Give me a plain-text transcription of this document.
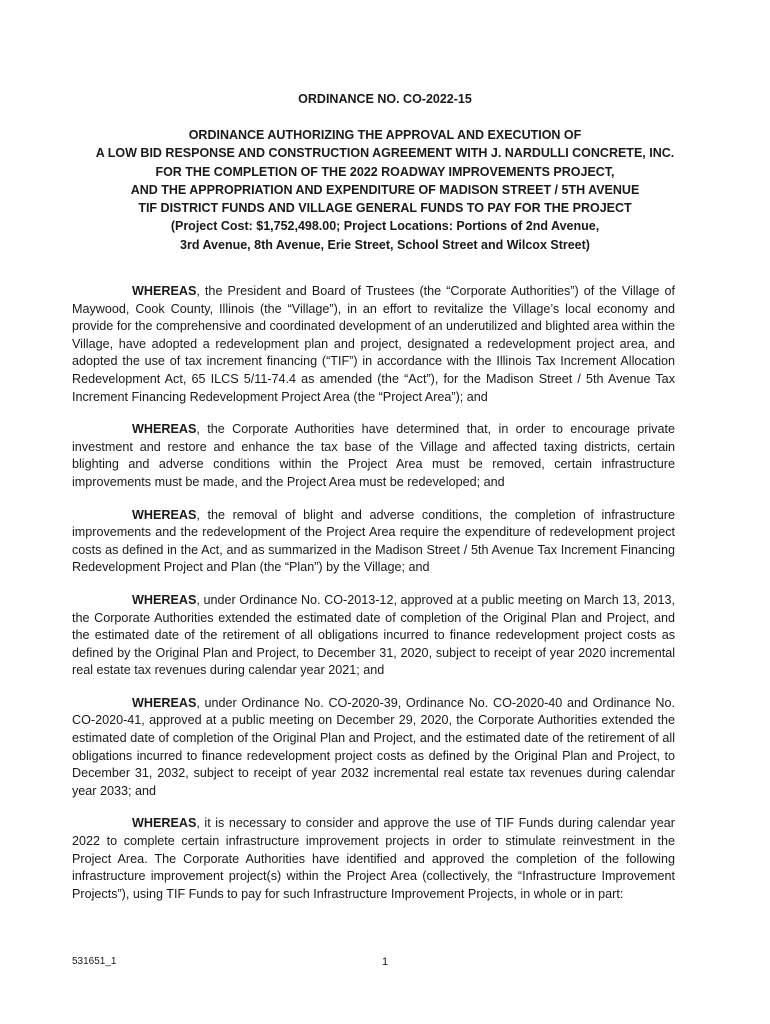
ORDINANCE NO. CO-2022-15
ORDINANCE AUTHORIZING THE APPROVAL AND EXECUTION OF
A LOW BID RESPONSE AND CONSTRUCTION AGREEMENT WITH J. NARDULLI CONCRETE, INC.
FOR THE COMPLETION OF THE 2022 ROADWAY IMPROVEMENTS PROJECT,
AND THE APPROPRIATION AND EXPENDITURE OF MADISON STREET / 5TH AVENUE
TIF DISTRICT FUNDS AND VILLAGE GENERAL FUNDS TO PAY FOR THE PROJECT
(Project Cost: $1,752,498.00; Project Locations: Portions of 2nd Avenue,
3rd Avenue, 8th Avenue, Erie Street, School Street and Wilcox Street)

WHEREAS, the President and Board of Trustees (the “Corporate Authorities”) of the Village of Maywood, Cook County, Illinois (the “Village”), in an effort to revitalize the Village’s local economy and provide for the comprehensive and coordinated development of an underutilized and blighted area within the Village, have adopted a redevelopment plan and project, designated a redevelopment project area, and adopted the use of tax increment financing (“TIF”) in accordance with the Illinois Tax Increment Allocation Redevelopment Act, 65 ILCS 5/11-74.4 as amended (the “Act”), for the Madison Street / 5th Avenue Tax Increment Financing Redevelopment Project Area (the “Project Area”); and

WHEREAS, the Corporate Authorities have determined that, in order to encourage private investment and restore and enhance the tax base of the Village and affected taxing districts, certain blighting and adverse conditions within the Project Area must be removed, certain infrastructure improvements must be made, and the Project Area must be redeveloped; and

WHEREAS, the removal of blight and adverse conditions, the completion of infrastructure improvements and the redevelopment of the Project Area require the expenditure of redevelopment project costs as defined in the Act, and as summarized in the Madison Street / 5th Avenue Tax Increment Financing Redevelopment Project and Plan (the “Plan”) by the Village; and

WHEREAS, under Ordinance No. CO-2013-12, approved at a public meeting on March 13, 2013, the Corporate Authorities extended the estimated date of completion of the Original Plan and Project, and the estimated date of the retirement of all obligations incurred to finance redevelopment project costs as defined by the Original Plan and Project, to December 31, 2020, subject to receipt of year 2020 incremental real estate tax revenues during calendar year 2021; and

WHEREAS, under Ordinance No. CO-2020-39, Ordinance No. CO-2020-40 and Ordinance No. CO-2020-41, approved at a public meeting on December 29, 2020, the Corporate Authorities extended the estimated date of completion of the Original Plan and Project, and the estimated date of the retirement of all obligations incurred to finance redevelopment project costs as defined by the Original Plan and Project, to December 31, 2032, subject to receipt of year 2032 incremental real estate tax revenues during calendar year 2033; and

WHEREAS, it is necessary to consider and approve the use of TIF Funds during calendar year 2022 to complete certain infrastructure improvement projects in order to stimulate reinvestment in the Project Area. The Corporate Authorities have identified and approved the completion of the following infrastructure improvement project(s) within the Project Area (collectively, the “Infrastructure Improvement Projects”), using TIF Funds to pay for such Infrastructure Improvement Projects, in whole or in part:

531651_1	1
